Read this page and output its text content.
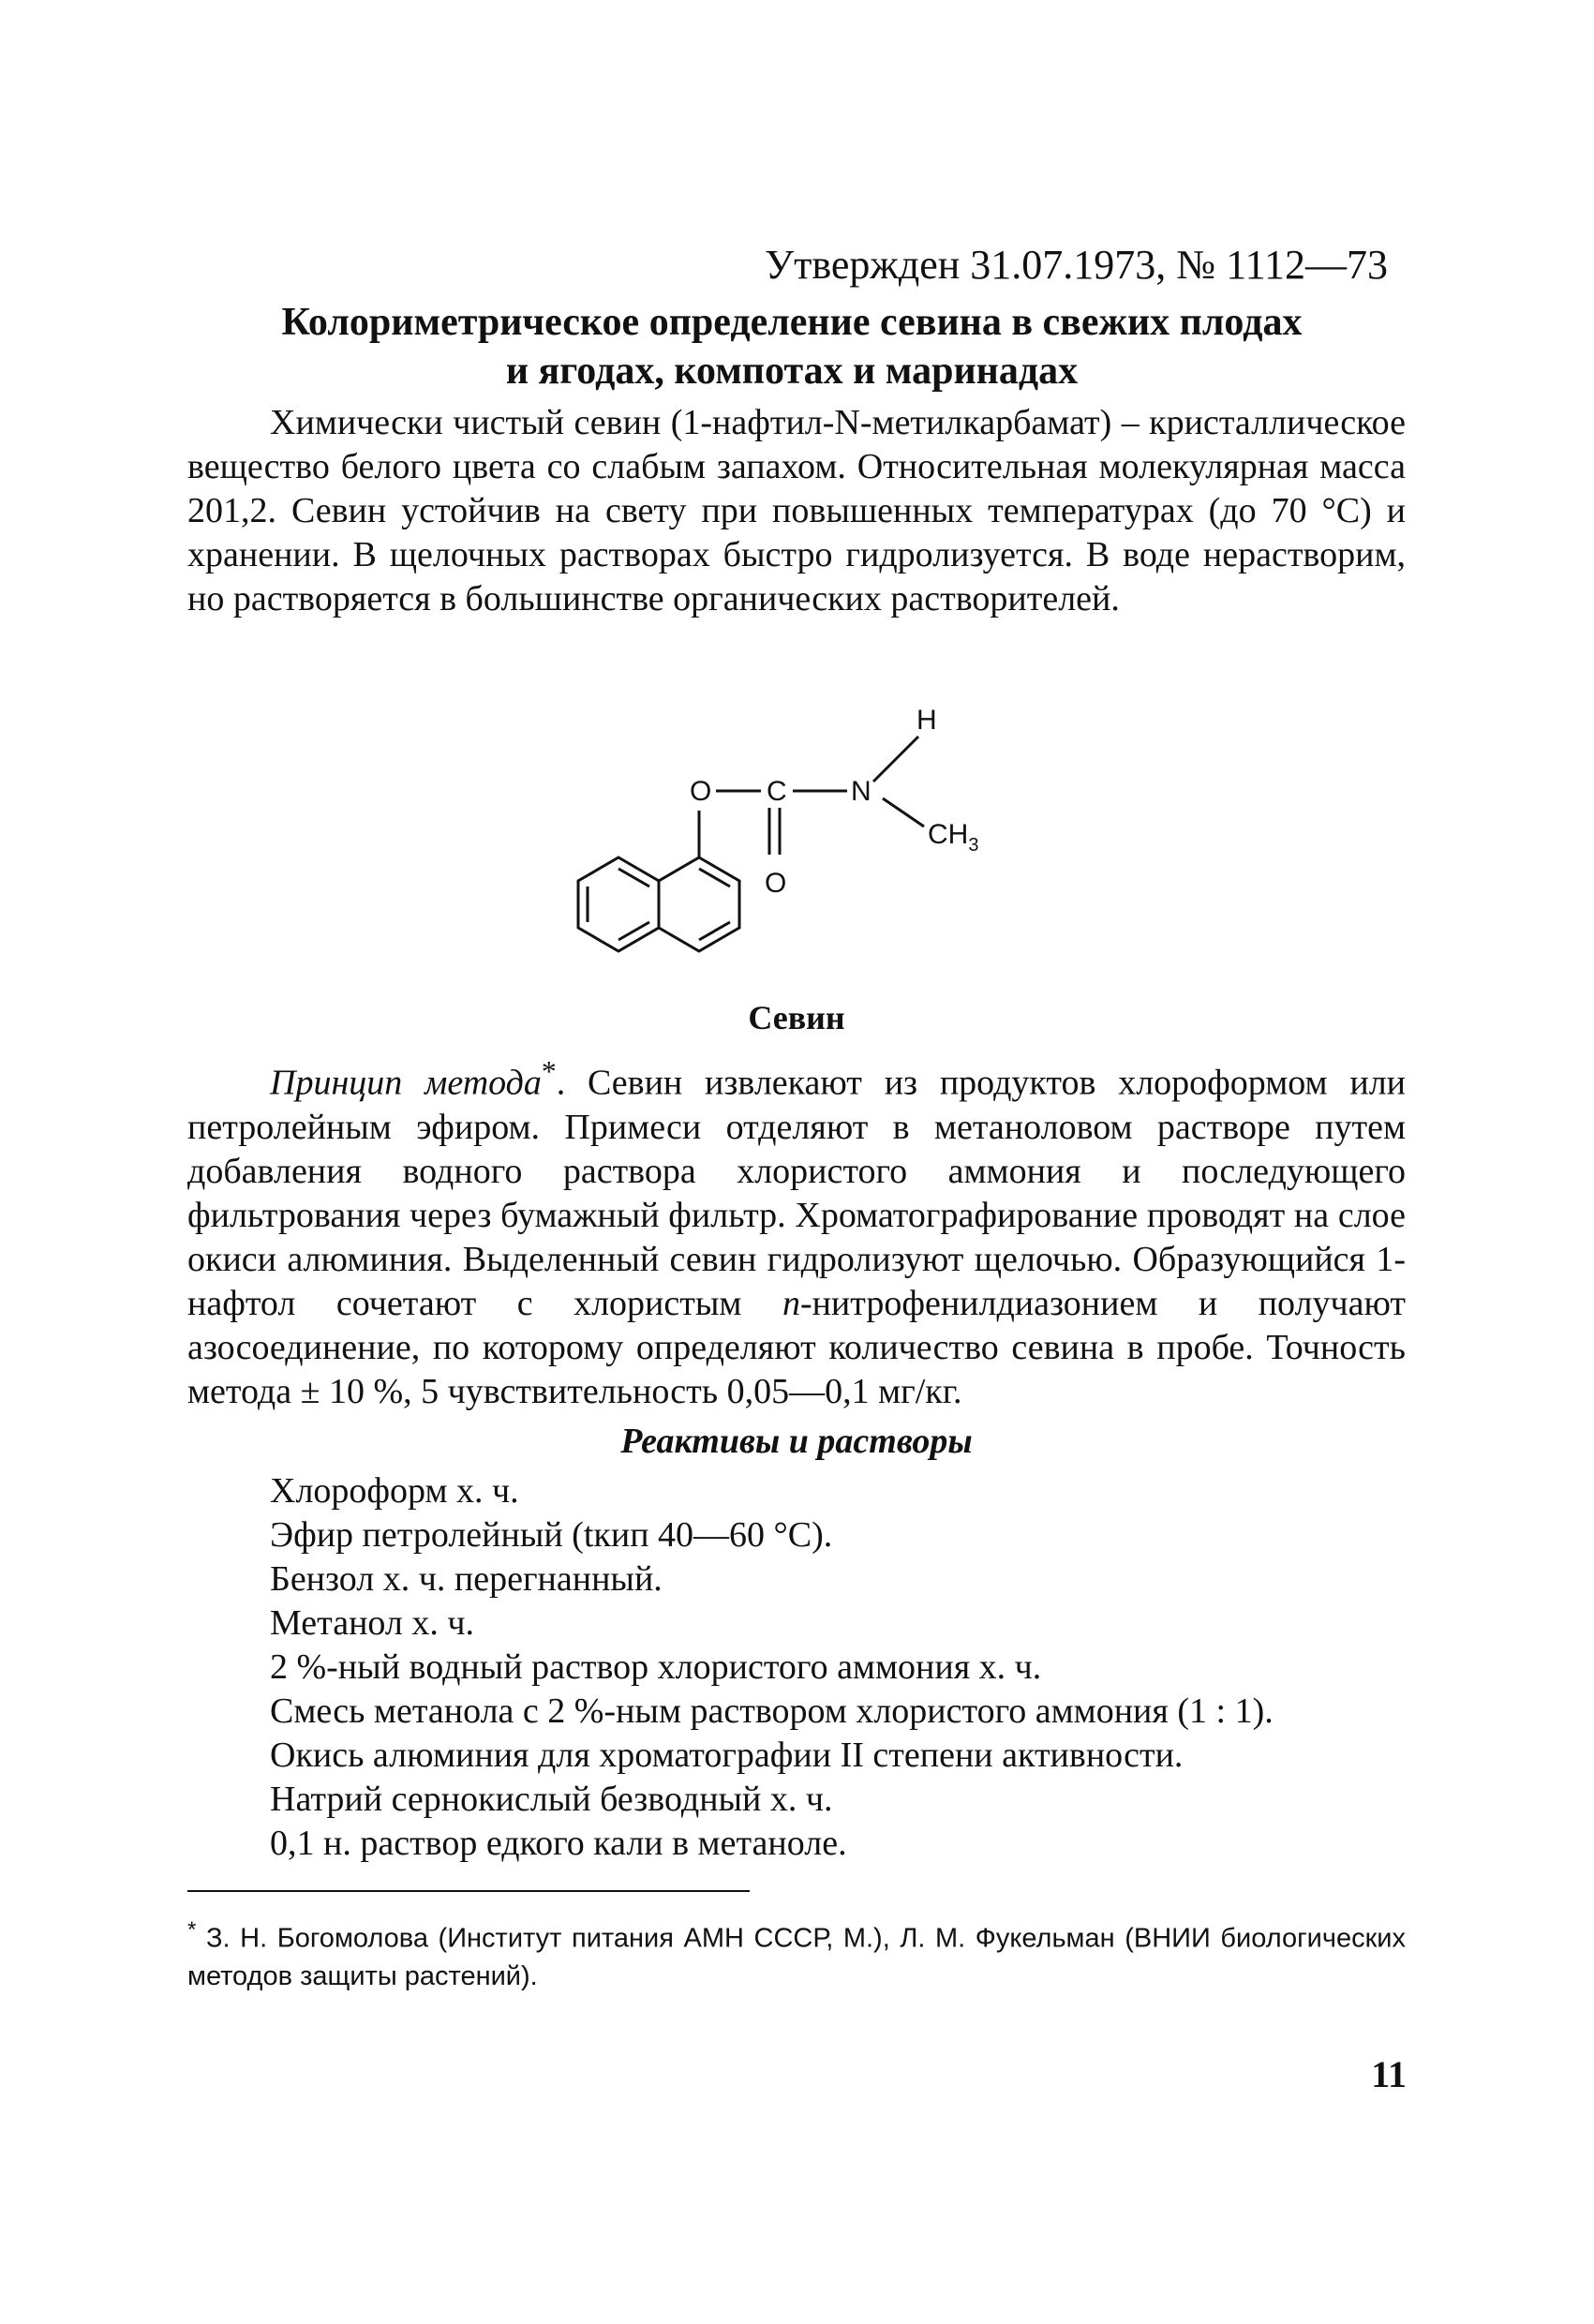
Утвержден 31.07.1973, № 1112—73
Колориметрическое определение севина в свежих плодах
и ягодах, компотах и маринадах

Химически чистый севин (1-нафтил-N-метилкарбамат) – кристаллическое вещество белого цвета со слабым запахом. Относительная молекулярная масса 201,2. Севин устойчив на свету при повышенных температурах (до 70 °С) и хранении. В щелочных растворах быстро гидролизуется. В воде нерастворим, но растворяется в большинстве органических растворителей.

O C N
O
H
$CH_3$
Севин

Принцип метода*. Севин извлекают из продуктов хлороформом или петролейным эфиром. Примеси отделяют в метаноловом растворе путем добавления водного раствора хлористого аммония и последующего фильтрования через бумажный фильтр. Хроматографирование проводят на слое окиси алюминия. Выделенный севин гидролизуют щелочью. Образующийся 1-нафтол сочетают с хлористым n-нитрофенилдиазонием и получают азосоединение, по которому определяют количество севина в пробе. Точность метода ± 10 %, 5 чувствительность 0,05—0,1 мг/кг.

Реактивы и растворы
Хлороформ х. ч.
Эфир петролейный (tкип 40—60 °С).
Бензол х. ч. перегнанный.
Метанол х. ч.
2 %-ный водный раствор хлористого аммония х. ч.
Смесь метанола с 2 %-ным раствором хлористого аммония (1 : 1).
Окись алюминия для хроматографии II степени активности.
Натрий сернокислый безводный х. ч.
0,1 н. раствор едкого кали в метаноле.

* З. Н. Богомолова (Институт питания АМН СССР, М.), Л. М. Фукельман (ВНИИ биологических методов защиты растений).

11
